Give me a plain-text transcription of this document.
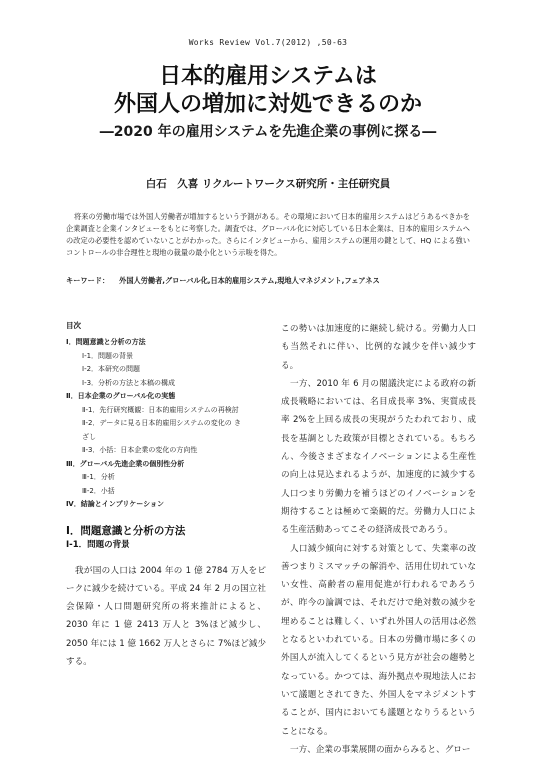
Works Review Vol.7(2012) ,50-63
日本的雇用システムは
外国人の増加に対処できるのか
―2020 年の雇用システムを先進企業の事例に探る―
白石　久喜 リクルートワークス研究所・主任研究員

将来の労働市場では外国人労働者が増加するという予測がある。その環境において日本的雇用システムはどうあるべきかを企業調査と企業インタビューをもとに考察した。調査では、グローバル化に対応している日本企業は、日本的雇用システムへの改定の必要性を認めていないことがわかった。さらにインタビューから、雇用システムの運用の鍵として、HQ による強いコントロールの非合理性と現地の裁量の最小化という示唆を得た。

キーワード： 外国人労働者,グローバル化,日本的雇用システム,現地人マネジメント,フェアネス
目次
Ⅰ．問題意識と分析の方法
Ⅰ-1．問題の背景
Ⅰ-2．本研究の問題
Ⅰ-3．分析の方法と本稿の構成
Ⅱ．日本企業のグローバル化の実態
Ⅱ-1．先行研究概観：日本的雇用システムの再検討
Ⅱ-2．データに見る日本的雇用システムの変化の き
ざし
Ⅱ-3．小括：日本企業の変化の方向性
Ⅲ．グローバル先進企業の個別性分析
Ⅲ-1．分析
Ⅲ-2．小括
Ⅳ．結論とインプリケーション
Ⅰ．問題意識と分析の方法
Ⅰ-1．問題の背景

我が国の人口は 2004 年の 1 億 2784 万人をピークに減少を続けている。平成 24 年 2 月の国立社会保障・人口問題研究所の将来推計によると、2030 年に 1 億 2413 万人と 3%ほど減少し、2050 年には 1 億 1662 万人とさらに 7%ほど減少する。

この勢いは加速度的に継続し続ける。労働力人口も当然それに伴い、比例的な減少を伴い減少する。

一方、2010 年 6 月の閣議決定による政府の新成長戦略においては、名目成長率 3%、実質成長率 2%を上回る成長の実現がうたわれており、成長を基調とした政策が目標とされている。もちろん、今後さまざまなイノベーションによる生産性の向上は見込まれるようが、加速度的に減少する人口つまり労働力を補うほどのイノベーションを期待することは極めて楽観的だ。労働力人口による生産活動あってこその経済成長であろう。

人口減少傾向に対する対策として、失業率の改善つまりミスマッチの解消や、活用仕切れていない女性、高齢者の雇用促進が行われるであろうが、昨今の論調では、それだけで絶対数の減少を埋めることは難しく、いずれ外国人の活用は必然となるといわれている。日本の労働市場に多くの外国人が流入してくるという見方が社会の趨勢となっている。かつては、海外拠点や現地法人において議題とされてきた、外国人をマネジメントすることが、国内においても議題となりうるということになる。

一方、企業の事業展開の面からみると、グロー
